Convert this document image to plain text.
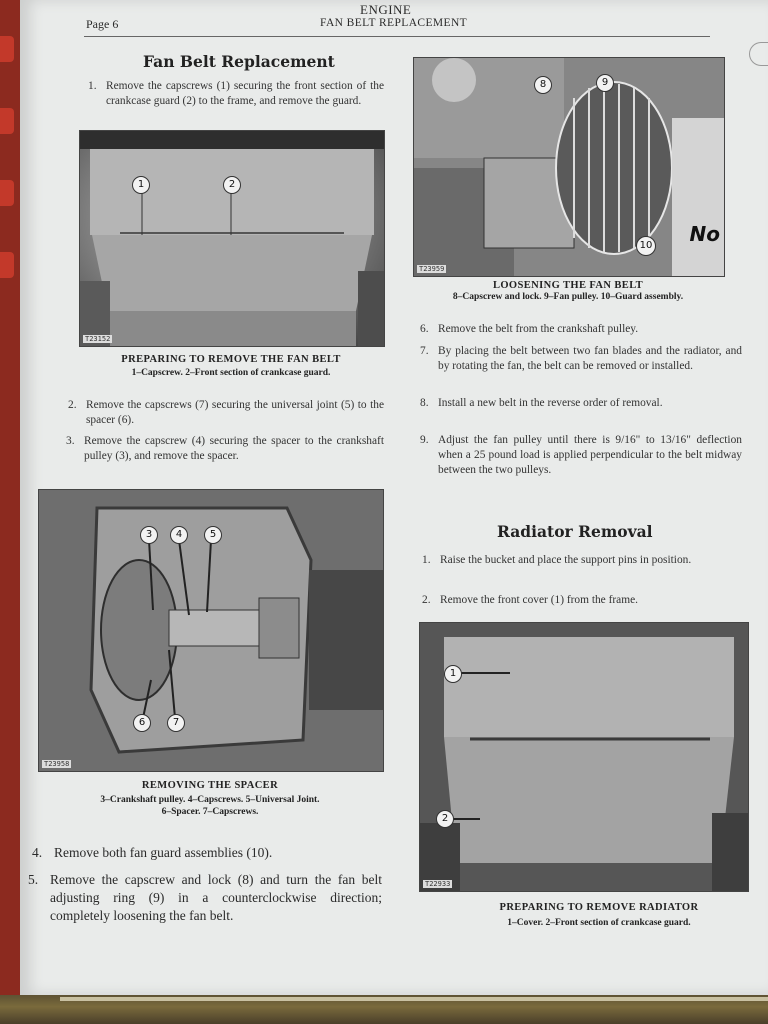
Page 6
ENGINE
FAN BELT REPLACEMENT
Fan Belt Replacement
1. Remove the capscrews (1) securing the front section of the crankcase guard (2) to the frame, and remove the guard.
1	2
T23152
PREPARING TO REMOVE THE FAN BELT
1–Capscrew. 2–Front section of crankcase guard.
2. Remove the capscrews (7) securing the universal joint (5) to the spacer (6).
3. Remove the capscrew (4) securing the spacer to the crankshaft pulley (3), and remove the spacer.
3	4	5
6	7
T23958
REMOVING THE SPACER
3–Crankshaft pulley. 4–Capscrews. 5–Universal Joint.
6–Spacer. 7–Capscrews.
4. Remove both fan guard assemblies (10).
5. Remove the capscrew and lock (8) and turn the fan belt adjusting ring (9) in a counterclockwise direction; completely loosening the fan belt.
8	9
10 No
T23959
LOOSENING THE FAN BELT
8–Capscrew and lock. 9–Fan pulley. 10–Guard assembly.
6. Remove the belt from the crankshaft pulley.
7. By placing the belt between two fan blades and the radiator, and by rotating the fan, the belt can be removed or installed.
8. Install a new belt in the reverse order of removal.
9. Adjust the fan pulley until there is 9/16" to 13/16" deflection when a 25 pound load is applied perpendicular to the belt midway between the two pulleys.
Radiator Removal
1. Raise the bucket and place the support pins in position.
2. Remove the front cover (1) from the frame.
1
2
T22933
PREPARING TO REMOVE RADIATOR
1–Cover. 2–Front section of crankcase guard.
